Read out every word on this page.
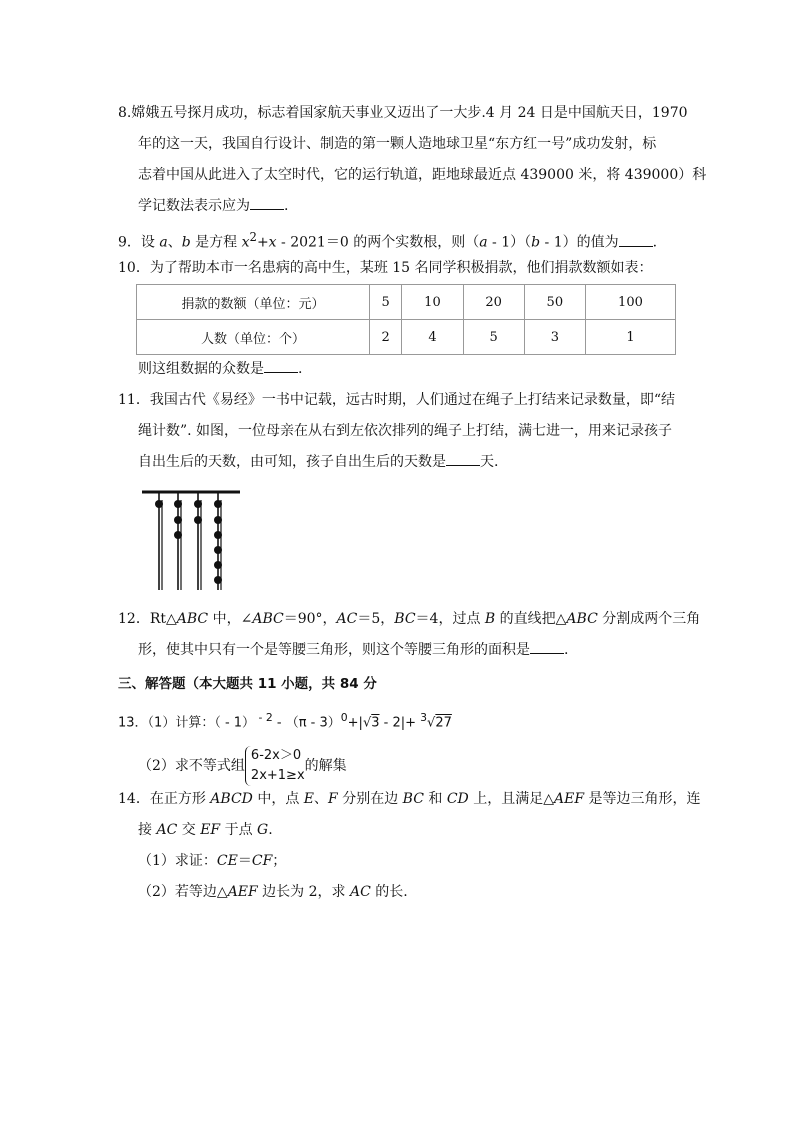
8.嫦娥五号探月成功，标志着国家航天事业又迈出了一大步.4 月 24 日是中国航天日，1970
年的这一天，我国自行设计、制造的第一颗人造地球卫星“东方红一号”成功发射，标
志着中国从此进入了太空时代，它的运行轨道，距地球最近点 439000 米，将 439000）科
学记数法表示应为 .
9．设 a、b 是方程 $x^2+x - 2021=0$ 的两个实数根，则（a - 1）（b - 1）的值为 .
10．为了帮助本市一名患病的高中生，某班 15 名同学积极捐款，他们捐款数额如表：
捐款的数额（单位：元）	5	10	20	50	100
人数（单位：个）	2	4	5	3	1
则这组数据的众数是 .
11．我国古代《易经》一书中记载，远古时期，人们通过在绳子上打结来记录数量，即“结
绳计数”. 如图，一位母亲在从右到左依次排列的绳子上打结，满七进一，用来记录孩子
自出生后的天数，由可知，孩子自出生后的天数是 天.
12．Rt△ABC 中，∠ABC＝90°，AC＝5，BC＝4，过点 B 的直线把△ABC 分割成两个三角
形，使其中只有一个是等腰三角形，则这个等腰三角形的面积是 .
三、解答题（本大题共 11 小题，共 84 分
13．（1）计算：（ - 1） $^{- 2}$ - （π - 3）$^0$+|√3 - 2|+ $^3$√27
（2）求不等式组
6-2x＞0
2x+1≥x
的解集
14．在正方形 ABCD 中，点 E、F 分别在边 BC 和 CD 上，且满足△AEF 是等边三角形，连
接 AC 交 EF 于点 G.
（1）求证：CE＝CF；
（2）若等边△AEF 边长为 2，求 AC 的长.
